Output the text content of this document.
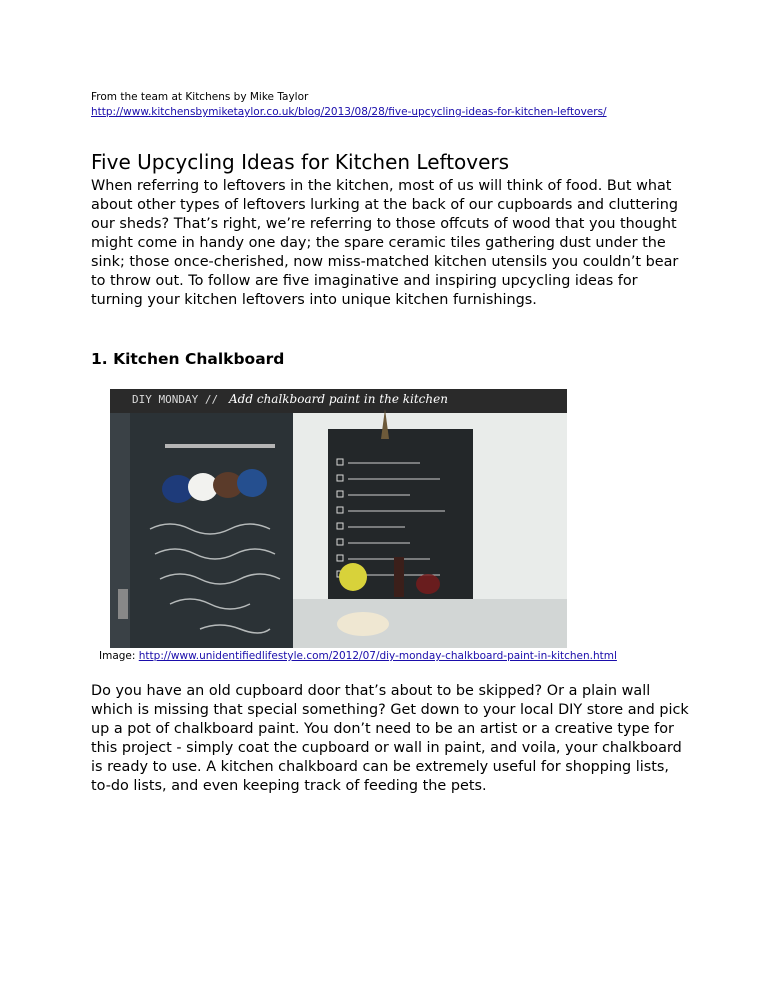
From the team at Kitchens by Mike Taylor
http://www.kitchensbymiketaylor.co.uk/blog/2013/08/28/five-upcycling-ideas-for-kitchen-leftovers/
Five Upcycling Ideas for Kitchen Leftovers

When referring to leftovers in the kitchen, most of us will think of food. But what about other types of leftovers lurking at the back of our cupboards and cluttering our sheds? That’s right, we’re referring to those offcuts of wood that you thought might come in handy one day; the spare ceramic tiles gathering dust under the sink; those once-cherished, now miss-matched kitchen utensils you couldn’t bear to throw out. To follow are five imaginative and inspiring upcycling ideas for turning your kitchen leftovers into unique kitchen furnishings.

1. Kitchen Chalkboard
DIY MONDAY // Add chalkboard paint in the kitchen
Image: http://www.unidentifiedlifestyle.com/2012/07/diy-monday-chalkboard-paint-in-kitchen.html

Do you have an old cupboard door that’s about to be skipped? Or a plain wall which is missing that special something? Get down to your local DIY store and pick up a pot of chalkboard paint. You don’t need to be an artist or a creative type for this project - simply coat the cupboard or wall in paint, and voila, your chalkboard is ready to use. A kitchen chalkboard can be extremely useful for shopping lists, to-do lists, and even keeping track of feeding the pets.
